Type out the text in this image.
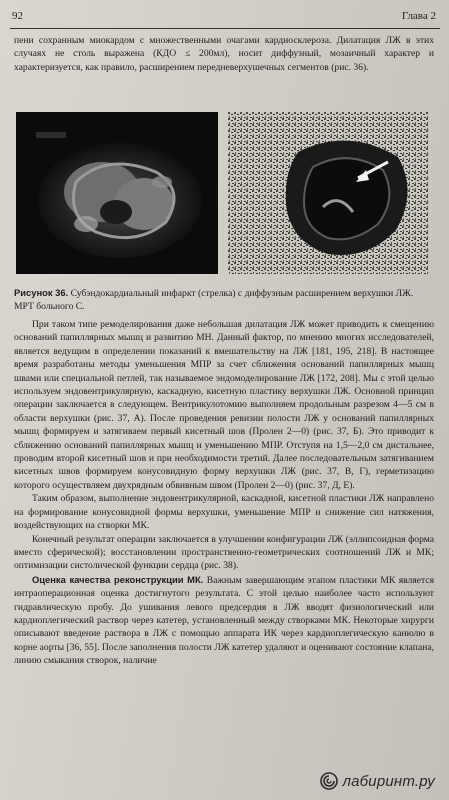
92	Глава 2

пени сохранным миокардом с множественными очагами кардиосклероза. Дилатация ЛЖ в этих случаях не столь выражена (КДО ≤ 200мл), носит диффузный, мозаичный характер и характеризуется, как правило, расширением передневерхушечных сегментов (рис. 36).

Рисунок 36. Субэндокардиальный инфаркт (стрелка) с диффузным расширением верхушки ЛЖ. МРТ больного С.

При таком типе ремоделирования даже небольшая дилатация ЛЖ может приводить к смещению оснований папиллярных мышц и развитию МН. Данный фактор, по мнению многих исследователей, является ведущим в определении показаний к вмешательству на ЛЖ [181, 195, 218]. В настоящее время разработаны методы уменьшения МПР за счет сближения оснований папиллярных мышц швами или специальной петлей, так называемое эндомоделирование ЛЖ [172, 208]. Мы с этой целью используем эндовентрикулярную, каскадную, кисетную пластику верхушки ЛЖ. Основной принцип операции заключается в следующем. Вентрикулотомию выполняем продольным разрезом 4—5 см в области верхушки (рис. 37, А). После проведения ревизии полости ЛЖ у оснований папиллярных мышц формируем и затягиваем первый кисетный шов (Пролен 2—0) (рис. 37, Б). Это приводит к сближению оснований папиллярных мышц и уменьшению МПР. Отступя на 1,5—2,0 см дистальнее, проводим второй кисетный шов и при необходимости третий. Далее последовательным затягиванием кисетных швов формируем конусовидную форму верхушки ЛЖ (рис. 37, В, Г), герметизацию которого осуществляем двухрядным обвивным швом (Пролен 2—0) (рис. 37, Д, Е).

Таким образом, выполнение эндовентрикулярной, каскадной, кисетной пластики ЛЖ направлено на формирование конусовидной формы верхушки, уменьшение МПР и снижение сил натяжения, воздействующих на створки МК.

Конечный результат операции заключается в улучшении конфигурации ЛЖ (эллипсоидная форма вместо сферической); восстановлении пространственно-геометрических соотношений ЛЖ и МК; оптимизации систолической функции сердца (рис. 38).

Оценка качества реконструкции МК. Важным завершающим этапом пластики МК является интраоперационная оценка достигнутого результата. С этой целью наиболее часто используют гидравлическую пробу. До ушивания левого предсердия в ЛЖ вводят физиологический или кардиоплегический раствор через катетер, установленный между створками МК. Некоторые хирурги описывают введение раствора в ЛЖ с помощью аппарата ИК через кардиоплегическую канюлю в корне аорты [36, 55]. После заполнения полости ЛЖ катетер удаляют и оценивают состояние клапана, линию смыкания створок, наличие

лабиринт.ру
